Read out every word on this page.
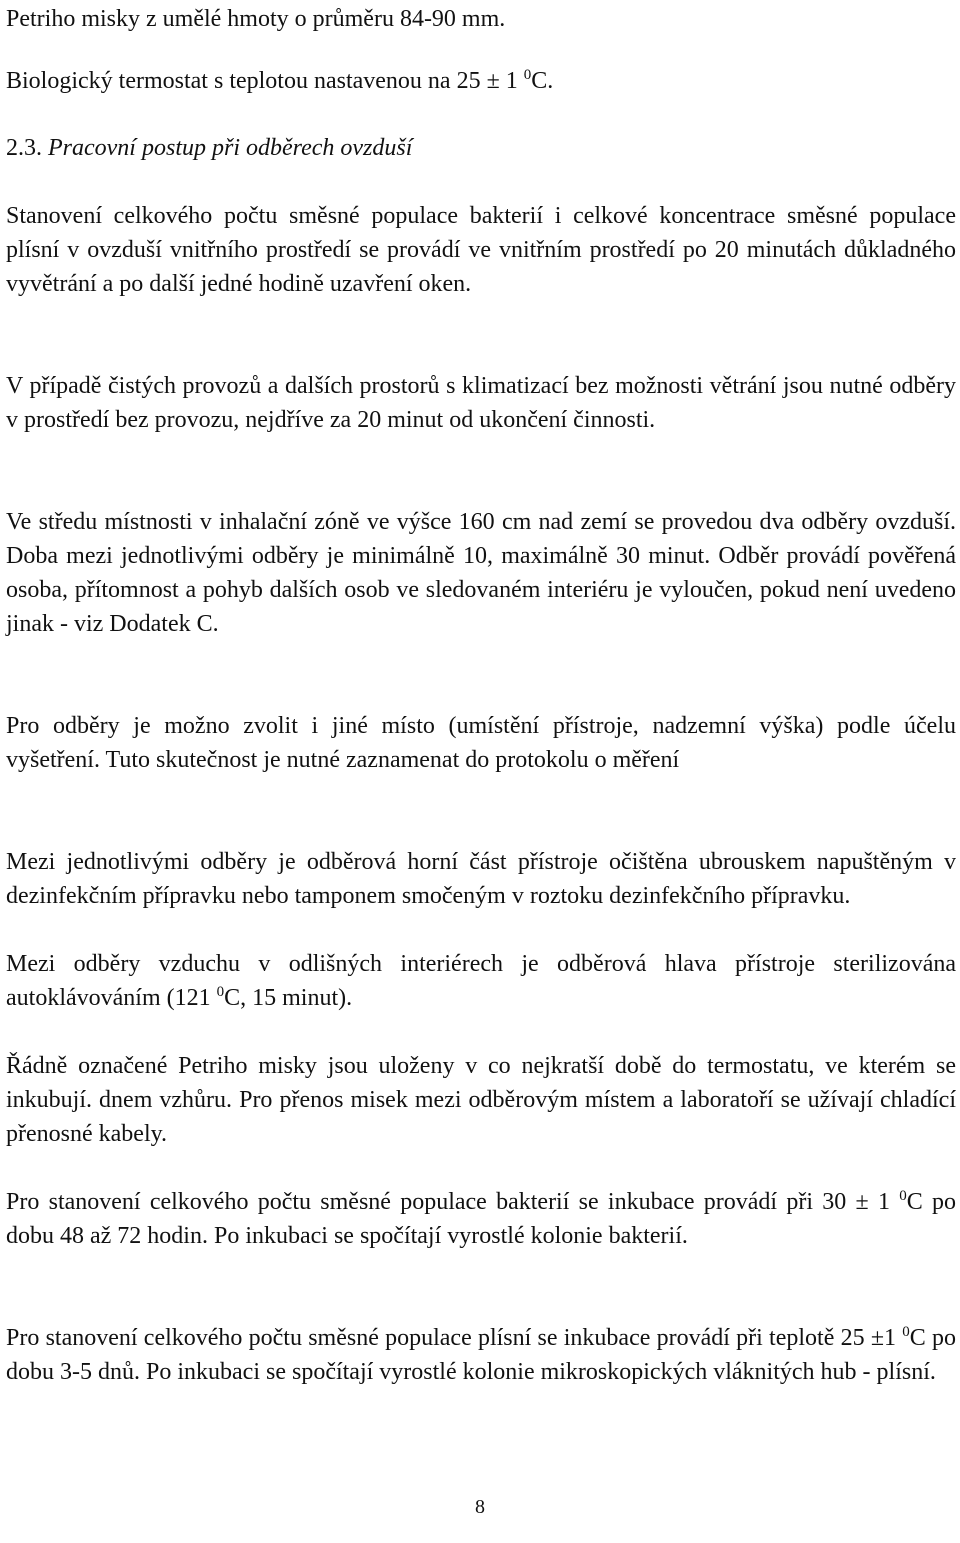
Petriho misky z umělé hmoty o průměru 84-90 mm.

Biologický termostat s teplotou nastavenou na 25 ± 1 $^0$C.

2.3. Pracovní postup při odběrech ovzduší

Stanovení celkového počtu směsné populace bakterií i celkové koncentrace směsné populace plísní v ovzduší vnitřního prostředí se provádí ve vnitřním prostředí po 20 minutách důkladného vyvětrání a po další jedné hodině uzavření oken.

V případě čistých provozů a dalších prostorů s klimatizací bez možnosti větrání jsou nutné odběry v prostředí bez provozu, nejdříve za 20 minut od ukončení činnosti.

Ve středu místnosti v inhalační zóně ve výšce 160 cm nad zemí se provedou dva odběry ovzduší. Doba mezi jednotlivými odběry je minimálně 10, maximálně 30 minut. Odběr provádí pověřená osoba, přítomnost a pohyb dalších osob ve sledovaném interiéru je vyloučen, pokud není uvedeno jinak - viz Dodatek C.

Pro odběry je možno zvolit i jiné místo (umístění přístroje, nadzemní výška) podle účelu vyšetření. Tuto skutečnost je nutné zaznamenat do protokolu o měření

Mezi jednotlivými odběry je odběrová horní část přístroje očištěna ubrouskem napuštěným v dezinfekčním přípravku nebo tamponem smočeným v roztoku dezinfekčního přípravku.

Mezi odběry vzduchu v odlišných interiérech je odběrová hlava přístroje sterilizována autoklávováním (121 $^0$C, 15 minut).

Řádně označené Petriho misky jsou uloženy v co nejkratší době do termostatu, ve kterém se inkubují. dnem vzhůru. Pro přenos misek mezi odběrovým místem a laboratoří se užívají chladící přenosné kabely.

Pro stanovení celkového počtu směsné populace bakterií se inkubace provádí při 30 ± 1 $^0$C po dobu 48 až 72 hodin. Po inkubaci se spočítají vyrostlé kolonie bakterií.

Pro stanovení celkového počtu směsné populace plísní se inkubace provádí při teplotě 25 ±1 $^0$C po dobu 3-5 dnů. Po inkubaci se spočítají vyrostlé kolonie mikroskopických vláknitých hub - plísní.

8
